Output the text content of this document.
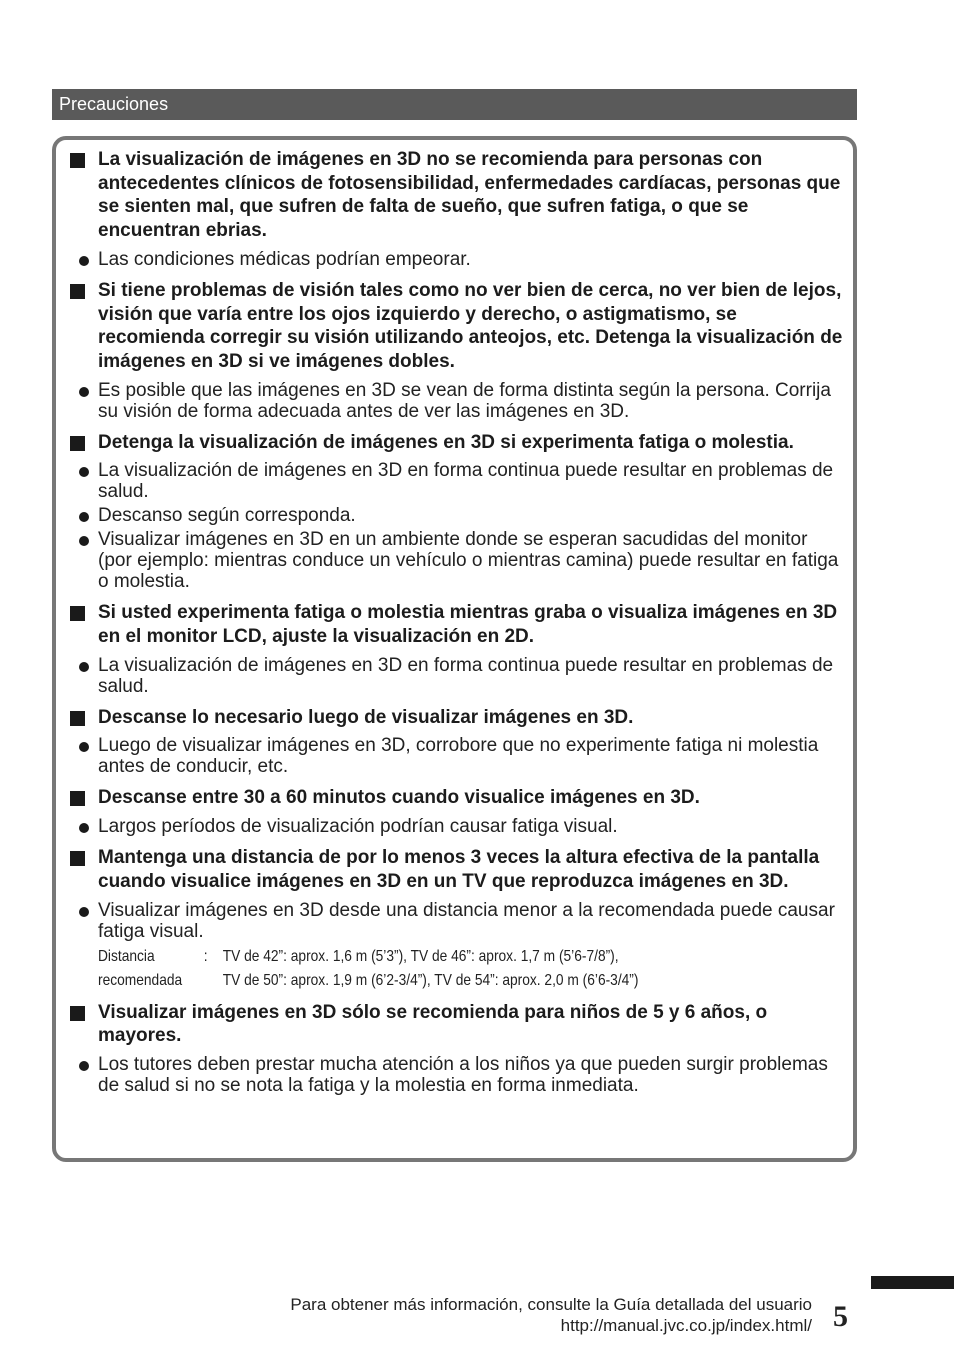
Precauciones
La visualización de imágenes en 3D no se recomienda para personas con antecedentes clínicos de fotosensibilidad, enfermedades cardíacas, personas que se sienten mal, que sufren de falta de sueño, que sufren fatiga, o que se encuentran ebrias.
Las condiciones médicas podrían empeorar.
Si tiene problemas de visión tales como no ver bien de cerca, no ver bien de lejos, visión que varía entre los ojos izquierdo y derecho, o astigmatismo, se recomienda corregir su visión utilizando anteojos, etc. Detenga la visualización de imágenes en 3D si ve imágenes dobles.
Es posible que las imágenes en 3D se vean de forma distinta según la persona. Corrija su visión de forma adecuada antes de ver las imágenes en 3D.
Detenga la visualización de imágenes en 3D si experimenta fatiga o molestia.
La visualización de imágenes en 3D en forma continua puede resultar en problemas de salud.
Descanso según corresponda.
Visualizar imágenes en 3D en un ambiente donde se esperan sacudidas del monitor (por ejemplo: mientras conduce un vehículo o mientras camina) puede resultar en fatiga o molestia.
Si usted experimenta fatiga o molestia mientras graba o visualiza imágenes en 3D en el monitor LCD, ajuste la visualización en 2D.
La visualización de imágenes en 3D en forma continua puede resultar en problemas de salud.
Descanse lo necesario luego de visualizar imágenes en 3D.
Luego de visualizar imágenes en 3D, corrobore que no experimente fatiga ni molestia antes de conducir, etc.
Descanse entre 30 a 60 minutos cuando visualice imágenes en 3D.
Largos períodos de visualización podrían causar fatiga visual.
Mantenga una distancia de por lo menos 3 veces la altura efectiva de la pantalla cuando visualice imágenes en 3D en un TV que reproduzca imágenes en 3D.
Visualizar imágenes en 3D desde una distancia menor a la recomendada puede causar fatiga visual.
Distancia	: TV de 42”: aprox. 1,6 m (5’3”), TV de 46”: aprox. 1,7 m (5’6-7/8”),
recomendada	TV de 50”: aprox. 1,9 m (6’2-3/4”), TV de 54”: aprox. 2,0 m (6’6-3/4”)
Visualizar imágenes en 3D sólo se recomienda para niños de 5 y 6 años, o mayores.
Los tutores deben prestar mucha atención a los niños ya que pueden surgir problemas de salud si no se nota la fatiga y la molestia en forma inmediata.
Para obtener más información, consulte la Guía detallada del usuario
http://manual.jvc.co.jp/index.html/ 5
